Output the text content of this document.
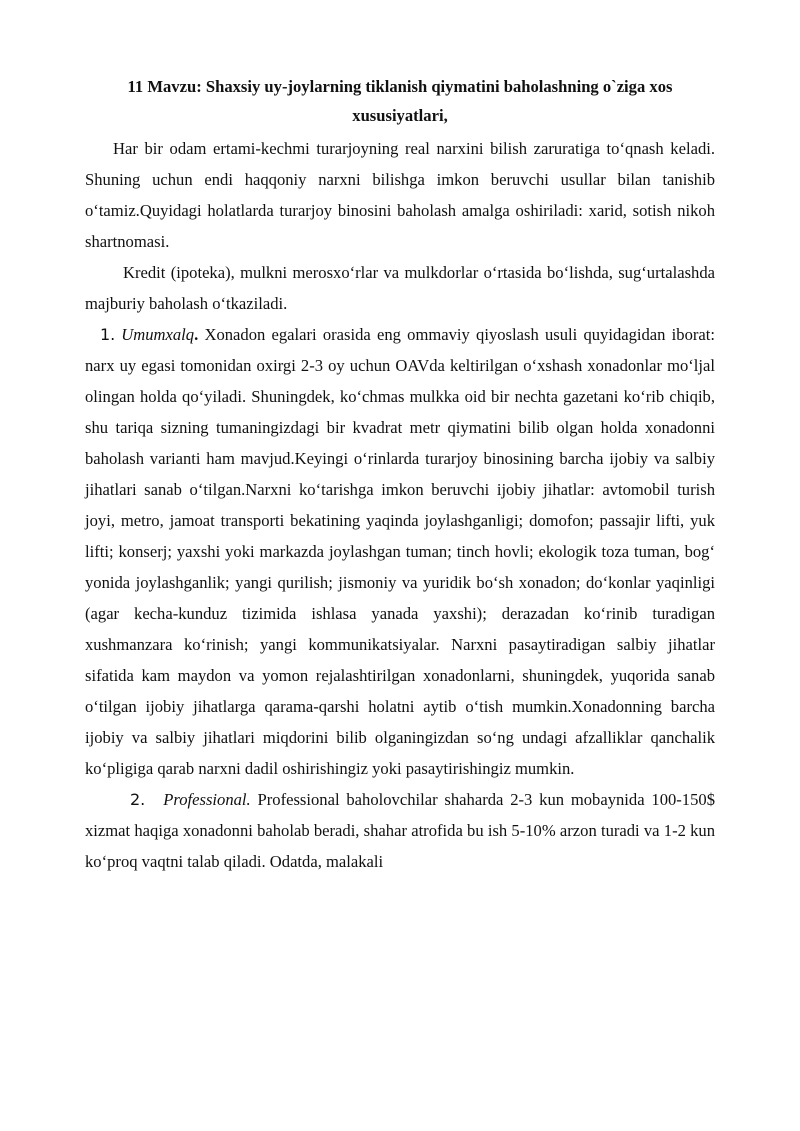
11 Mavzu: Shaxsiy uy-joylarning tiklanish qiymatini baholashning o`ziga xos xususiyatlari,

Har bir odam ertami-kechmi turarjoyning real narxini bilish zaruratiga to‘qnash keladi. Shuning uchun endi haqqoniy narxni bilishga imkon beruvchi usullar bilan tanishib o‘tamiz.Quyidagi holatlarda turarjoy binosini baholash amalga oshiriladi: xarid, sotish nikoh shartnomasi.

Kredit (ipoteka), mulkni merosxo‘rlar va mulkdorlar o‘rtasida bo‘lishda, sug‘urtalashda majburiy baholash o‘tkaziladi.

1. Umumxalq. Xonadon egalari orasida eng ommaviy qiyoslash usuli quyidagidan iborat: narx uy egasi tomonidan oxirgi 2-3 oy uchun OAVda keltirilgan o‘xshash xonadonlar mo‘ljal olingan holda qo‘yiladi. Shuningdek, ko‘chmas mulkka oid bir nechta gazetani ko‘rib chiqib, shu tariqa sizning tumaningizdagi bir kvadrat metr qiymatini bilib olgan holda xonadonni baholash varianti ham mavjud.Keyingi o‘rinlarda turarjoy binosining barcha ijobiy va salbiy jihatlari sanab o‘tilgan.Narxni ko‘tarishga imkon beruvchi ijobiy jihatlar: avtomobil turish joyi, metro, jamoat transporti bekatining yaqinda joylashganligi; domofon; passajir lifti, yuk lifti; konserj; yaxshi yoki markazda joylashgan tuman; tinch hovli; ekologik toza tuman, bog‘ yonida joylashganlik; yangi qurilish; jismoniy va yuridik bo‘sh xonadon; do‘konlar yaqinligi (agar kecha-kunduz tizimida ishlasa yanada yaxshi); derazadan ko‘rinib turadigan xushmanzara ko‘rinish; yangi kommunikatsiyalar. Narxni pasaytiradigan salbiy jihatlar sifatida kam maydon va yomon rejalashtirilgan xonadonlarni, shuningdek, yuqorida sanab o‘tilgan ijobiy jihatlarga qarama-qarshi holatni aytib o‘tish mumkin.Xonadonning barcha ijobiy va salbiy jihatlari miqdorini bilib olganingizdan so‘ng undagi afzalliklar qanchalik ko‘pligiga qarab narxni dadil oshirishingiz yoki pasaytirishingiz mumkin.

2. Professional. Professional baholovchilar shaharda 2-3 kun mobaynida 100-150$ xizmat haqiga xonadonni baholab beradi, shahar atrofida bu ish 5-10% arzon turadi va 1-2 kun ko‘proq vaqtni talab qiladi. Odatda, malakali
